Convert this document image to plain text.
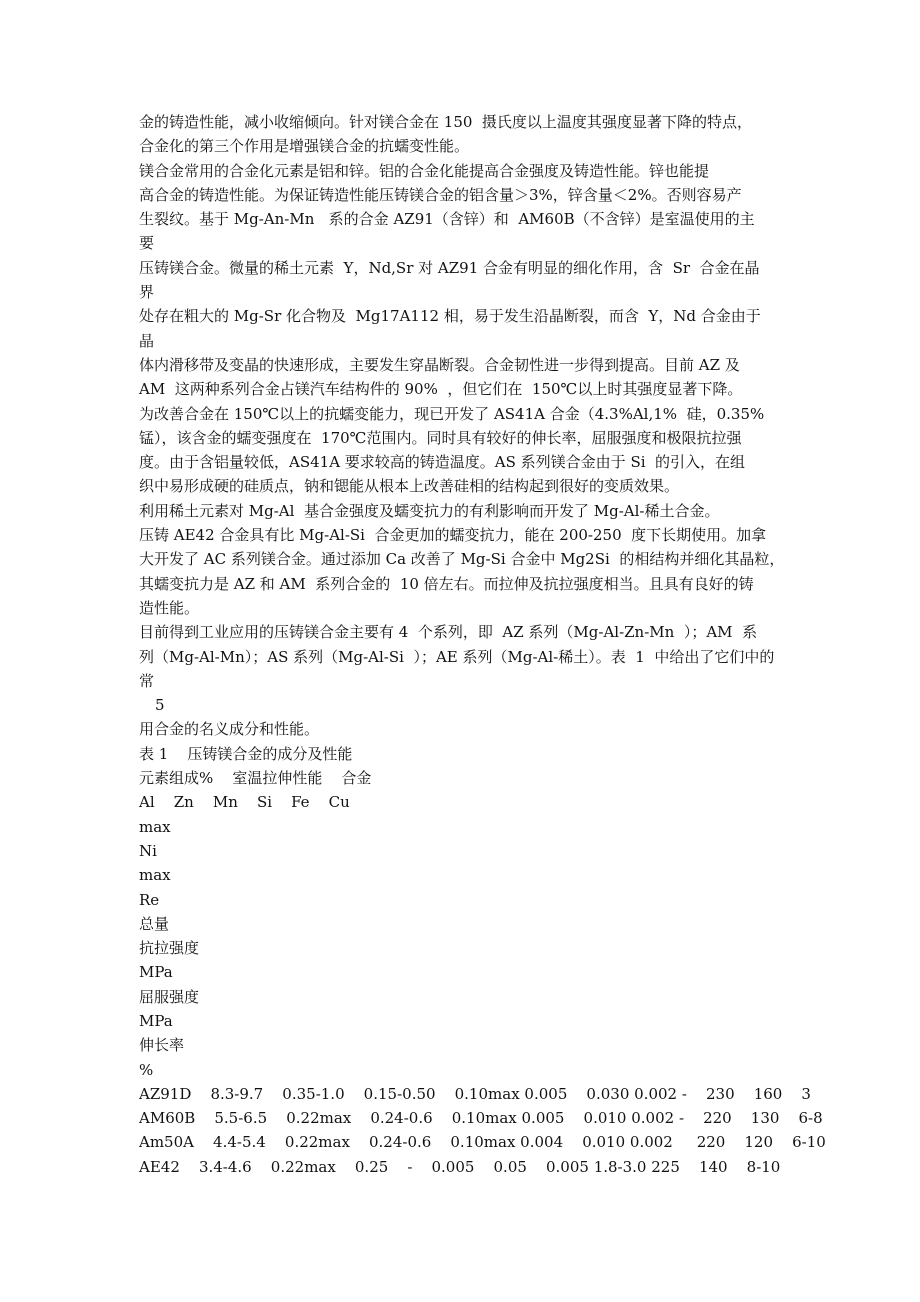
金的铸造性能，减小收缩倾向。针对镁合金在 150  摄氏度以上温度其强度显著下降的特点，
合金化的第三个作用是增强镁合金的抗蠕变性能。
镁合金常用的合金化元素是铝和锌。铝的合金化能提高合金强度及铸造性能。锌也能提
高合金的铸造性能。为保证铸造性能压铸镁合金的铝含量＞3%，锌含量＜2%。否则容易产
生裂纹。基于 Mg-An-Mn   系的合金 AZ91（含锌）和  AM60B（不含锌）是室温使用的主
要
压铸镁合金。微量的稀土元素  Y，Nd,Sr 对 AZ91 合金有明显的细化作用，含  Sr  合金在晶
界
处存在粗大的 Mg-Sr 化合物及  Mg17A112 相，易于发生沿晶断裂，而含  Y，Nd 合金由于
晶
体内滑移带及变晶的快速形成，主要发生穿晶断裂。合金韧性进一步得到提高。目前 AZ 及
AM  这两种系列合金占镁汽车结构件的 90%  ，但它们在  150℃以上时其强度显著下降。
为改善合金在 150℃以上的抗蠕变能力，现已开发了 AS41A 合金（4.3%Al,1%  硅，0.35%
锰），该含金的蠕变强度在  170℃范围内。同时具有较好的伸长率，屈服强度和极限抗拉强
度。由于含铝量较低，AS41A 要求较高的铸造温度。AS 系列镁合金由于 Si  的引入，在组
织中易形成硬的硅质点，钠和锶能从根本上改善硅相的结构起到很好的变质效果。
利用稀土元素对 Mg-Al  基合金强度及蠕变抗力的有利影响而开发了 Mg-Al-稀土合金。
压铸 AE42 合金具有比 Mg-Al-Si  合金更加的蠕变抗力，能在 200-250  度下长期使用。加拿
大开发了 AC 系列镁合金。通过添加 Ca 改善了 Mg-Si 合金中 Mg2Si  的相结构并细化其晶粒，
其蠕变抗力是 AZ 和 AM  系列合金的  10 倍左右。而拉伸及抗拉强度相当。且具有良好的铸
造性能。
目前得到工业应用的压铸镁合金主要有 4  个系列，即  AZ 系列（Mg-Al-Zn-Mn  ）；AM  系
列（Mg-Al-Mn）；AS 系列（Mg-Al-Si  ）；AE 系列（Mg-Al-稀土）。表  1  中给出了它们中的
常
5
用合金的名义成分和性能。
表 1    压铸镁合金的成分及性能
元素组成%    室温拉伸性能    合金
Al    Zn    Mn    Si    Fe    Cu
max
Ni
max
Re
总量
抗拉强度
MPa
屈服强度
MPa
伸长率
%
AZ91D    8.3-9.7    0.35-1.0    0.15-0.50    0.10max 0.005    0.030 0.002 -    230    160    3
AM60B    5.5-6.5    0.22max    0.24-0.6    0.10max 0.005    0.010 0.002 -    220    130    6-8
Am50A    4.4-5.4    0.22max    0.24-0.6    0.10max 0.004    0.010 0.002     220    120    6-10
AE42    3.4-4.6    0.22max    0.25    -    0.005    0.05    0.005 1.8-3.0 225    140    8-10
